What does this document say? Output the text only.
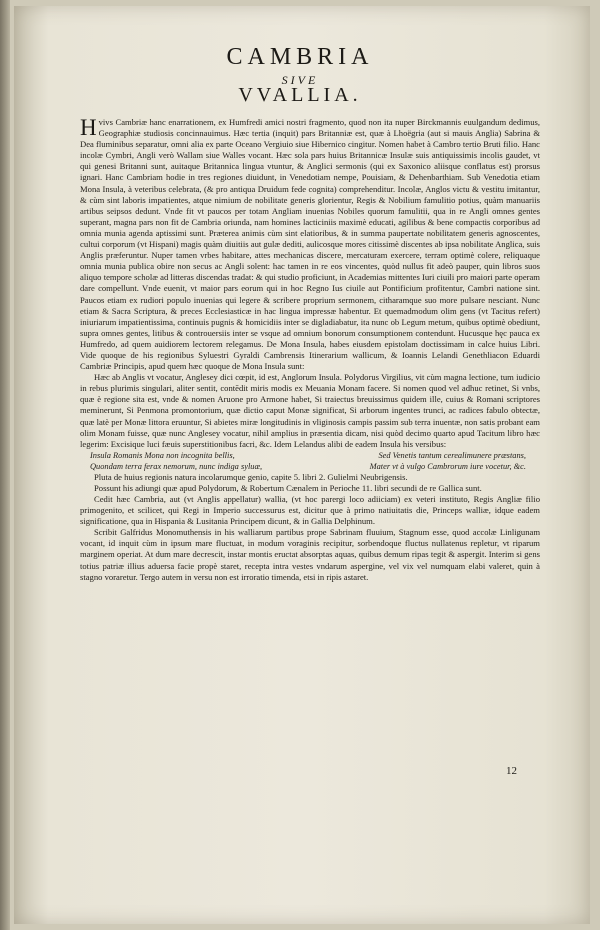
CAMBRIA
SIVE
VVALLIA.

Hvivs Cambriæ hanc enarrationem, ex Humfredi amici nostri fragmento, quod non ita nuper Birckmannis euulgandum dedimus, Geographiæ studiosis concinnauimus. Hæc tertia (inquit) pars Britanniæ est, quæ à Lhoëgria (aut si mauis Anglia) Sabrina & Dea fluminibus separatur, omni alia ex parte Oceano Vergiuio siue Hibernico cingitur. Nomen habet à Cambro tertio Bruti filio. Hanc incolæ Cymbri, Angli verò Wallam siue Walles vocant. Hæc sola pars huius Britannicæ Insulæ suis antiquissimis incolis gaudet, vt qui genesi Britanni sunt, auitaque Britannica lingua vtuntur, & Anglici sermonis (qui ex Saxonico aliisque conflatus est) prorsus ignari. Hanc Cambriam hodie in tres regiones diuidunt, in Venedotiam nempe, Pouisiam, & Dehenbarthiam. Sub Venedotia etiam Mona Insula, à veteribus celebrata, (& pro antiqua Druidum fede cognita) comprehenditur. Incolæ, Anglos victu & vestitu imitantur, & cùm sint laboris impatientes, atque nimium de nobilitate generis glorientur, Regis & Nobilium famulitio potius, quàm manuariis artibus seipsos dedunt. Vnde fit vt paucos per totam Angliam inuenias Nobiles quorum famulitii, qua in re Angli omnes gentes superant, magna pars non fit de Cambria oriunda, nam homines lacticiniis maximè educati, agilibus & bene compactis corporibus ad omnia munia agenda aptissimi sunt. Præterea animis cùm sint elatioribus, & in summa paupertate nobilitatem generis agnoscentes, cultui corporum (vt Hispani) magis quàm diuitiis aut gulæ dediti, aulicosque mores citissimè discentes ab ipsa nobilitate Anglica, suis Anglis præferuntur. Nuper tamen vrbes habitare, attes mechanicas discere, mercaturam exercere, terram optimè colere, reliquaque omnia munia publica obire non secus ac Angli solent: hac tamen in re eos vincentes, quòd nullus fit adeò pauper, quin libros suos aliquo tempore scholæ ad litteras discendas tradat: & qui studio proficiunt, in Academias mittentes Iuri ciuili pro maiori parte operam dare compellunt. Vnde euenit, vt maior pars eorum qui in hoc Regno Ius ciuile aut Pontificium profitentur, Cambri natione sint. Paucos etiam ex rudiori populo inuenias qui legere & scribere proprium sermonem, citharamque suo more pulsare nesciant. Nunc etiam & Sacra Scriptura, & preces Ecclesiasticæ in hac lingua impressæ habentur. Et quemadmodum olim gens (vt Tacitus refert) iniuriarum impatientissima, continuis pugnis & homicidiis inter se digladiabatur, ita nunc ob Legum metum, quibus optimè obediunt, supra omnes gentes, litibus & controuersiis inter se vsque ad omnium bonorum consumptionem contendunt. Hucusque hęc pauca ex Humfredo, ad quem auidiorem lectorem relegamus. De Mona Insula, habes eiusdem epistolam doctissimam in calce huius Libri. Vide quoque de his regionibus Syluestri Gyraldi Cambrensis Itinerarium wallicum, & Ioannis Lelandi Genethliacon Eduardi Cambriæ Principis, apud quem hæc quoque de Mona Insula sunt:

Hæc ab Anglis vt vocatur, Anglesey dici cœpit, id est, Anglorum Insula. Polydorus Virgilius, vit cùm magna lectione, tum iudicio in rebus plurimis singulari, aliter sentit, contēdit miris modis ex Meuania Monam facere. Si nomen quod vel adhuc retinet, Si vnbs, quæ è regione sita est, vnde & nomen Aruone pro Armone habet, Si traiectus breuissimus quidem ille, cuius & Romani scriptores meminerunt, Si Penmona promontorium, quæ dictio caput Monæ significat, Si arborum ingentes trunci, ac radices fabulo obtectæ, quæ latè per Monæ littora eruuntur, Si abietes miræ longitudinis in vliginosis campis passim sub terra inuentæ, non satis probant eam olim Monam fuisse, quæ nunc Anglesey vocatur, nihil amplius in præsentia dicam, nisi quòd decimo quarto apud Tacitum libro hæc legerim: Excisique luci fæuis superstitionibus facri, &c. Idem Lelandus alibi de eadem Insula his versibus:

Insula Romanis Mona non incognita bellis,	Sed Venetis tantum cerealimunere præstans,
Quondam terra ferax nemorum, nunc indiga syluæ,	Mater vt à vulgo Cambrorum iure vocetur, &c.

Pluta de huius regionis natura incolarumque genio, capite 5. libri 2. Gulielmi Neubrigensis.

Possunt his adiungi quæ apud Polydorum, & Robertum Cænalem in Perioche 11. libri secundi de re Gallica sunt.

Cedit hæc Cambria, aut (vt Anglis appellatur) wallia, (vt hoc parergi loco adiiciam) ex veteri instituto, Regis Angliæ filio primogenito, et scilicet, qui Regi in Imperio successurus est, dicitur que à primo natiuitatis die, Princeps walliæ, idque eadem significatione, qua in Hispania & Lusitania Principem dicunt, & in Gallia Delphinum.

Scribit Galfridus Monomuthensis in his walliarum partibus prope Sabrinam fluuium, Stagnum esse, quod accolæ Linligunam vocant, id inquit cùm in ipsum mare fluctuat, in modum voraginis recipitur, sorbendoque fluctus nullatenus repletur, vt riparum marginem operiat. At dum mare decrescit, instar montis eructat absorptas aquas, quibus demum ripas tegit & aspergit. Interim si gens totius patriæ illius aduersa facie propè staret, recepta intra vestes vndarum aspergine, vel vix vel numquam elabi valeret, quin à stagno voraretur. Tergo autem in versu non est irroratio timenda, etsi in ripis astaret.

12
